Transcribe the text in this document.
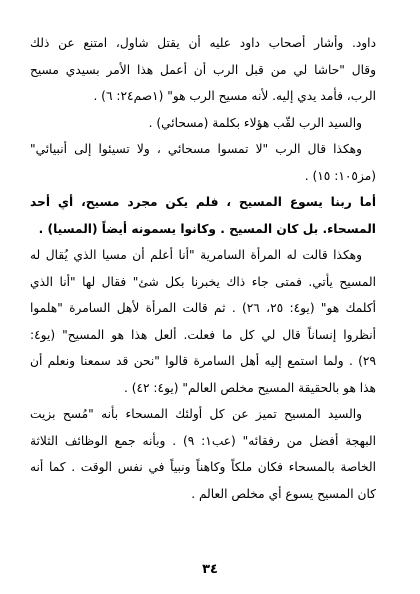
داود. وأشار أصحاب داود عليه أن يقتل شاول، امتنع عن ذلك
وقال "حاشا لي من قبل الرب أن أعمل هذا الأمر بسيدي مسيح
الرب، فأمد يدي إليه. لأنه مسيح الرب هو" (١صم٢٤: ٦) .
والسيد الرب لقّب هؤلاء بكلمة (مسحائي) .
وهكذا قال الرب "لا تمسوا مسحائي ، ولا تسيئوا إلى أنبيائي"
(مز١٠٥: ١٥) .
أما ربنا يسوع المسيح ، فلم يكن مجرد مسيح، أي أحد
المسحاء. بل كان المسيح . وكانوا يسمونه أيضاً (المسيا) .
وهكذا قالت له المرأة السامرية "أنا أعلم أن مسيا الذي يُقال له
المسيح يأتي. فمتى جاء ذاك يخبرنا بكل شئ" فقال لها "أنا الذي
أكلمك هو" (يو٤: ٢٥، ٢٦) . ثم قالت المرأة لأهل السامرة "هلموا
أنظروا إنساناً قال لي كل ما فعلت. ألعل هذا هو المسيح" (يو٤:
٢٩) . ولما استمع إليه أهل السامرة قالوا "نحن قد سمعنا ونعلم أن
هذا هو بالحقيقة المسيح مخلص العالم" (يو٤: ٤٢) .
والسيد المسيح تميز عن كل أولئك المسحاء بأنه "مُسح بزيت
البهجة أفضل من رفقائه" (عب١: ٩) . وبأنه جمع الوظائف الثلاثة
الخاصة بالمسحاء فكان ملكاً وكاهناً ونبياً في نفس الوقت . كما أنه
كان المسيح يسوع أي مخلص العالم .
٣٤
